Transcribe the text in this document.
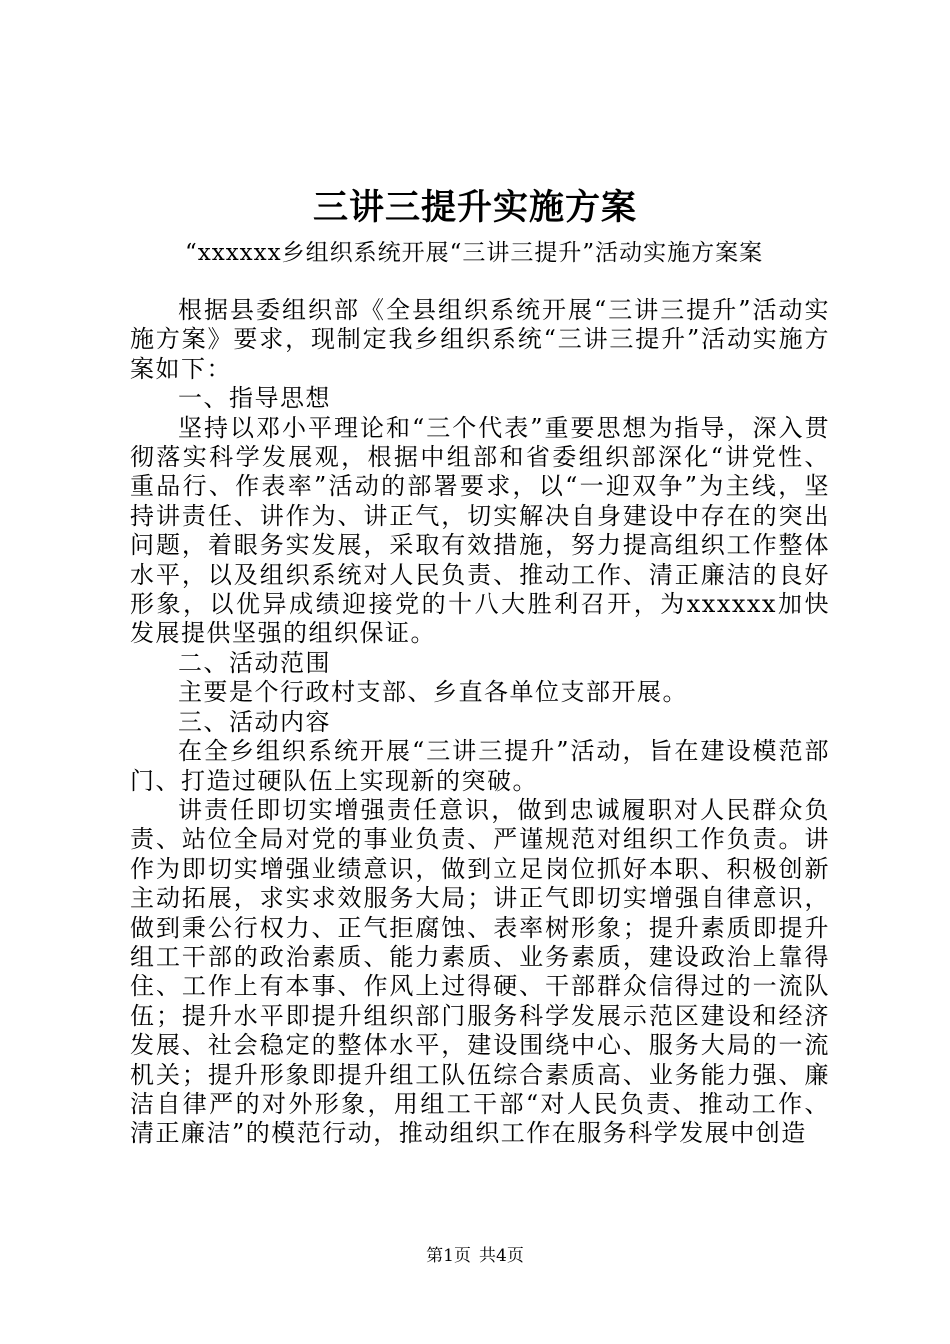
三讲三提升实施方案

“xxxxxx乡组织系统开展“三讲三提升”活动实施方案案

根据县委组织部《全县组织系统开展“三讲三提升”活动实施方案》要求，现制定我乡组织系统“三讲三提升”活动实施方案如下：

一、指导思想

坚持以邓小平理论和“三个代表”重要思想为指导，深入贯彻落实科学发展观，根据中组部和省委组织部深化“讲党性、重品行、作表率”活动的部署要求，以“一迎双争”为主线，坚持讲责任、讲作为、讲正气，切实解决自身建设中存在的突出问题，着眼务实发展，采取有效措施，努力提高组织工作整体水平，以及组织系统对人民负责、推动工作、清正廉洁的良好形象，以优异成绩迎接党的十八大胜利召开，为xxxxxx加快发展提供坚强的组织保证。

二、活动范围

主要是个行政村支部、乡直各单位支部开展。

三、活动内容

在全乡组织系统开展“三讲三提升”活动，旨在建设模范部门、打造过硬队伍上实现新的突破。

讲责任即切实增强责任意识，做到忠诚履职对人民群众负责、站位全局对党的事业负责、严谨规范对组织工作负责。讲作为即切实增强业绩意识，做到立足岗位抓好本职、积极创新主动拓展，求实求效服务大局；讲正气即切实增强自律意识，做到秉公行权力、正气拒腐蚀、表率树形象；提升素质即提升组工干部的政治素质、能力素质、业务素质，建设政治上靠得住、工作上有本事、作风上过得硬、干部群众信得过的一流队伍；提升水平即提升组织部门服务科学发展示范区建设和经济发展、社会稳定的整体水平，建设围绕中心、服务大局的一流机关；提升形象即提升组工队伍综合素质高、业务能力强、廉洁自律严的对外形象，用组工干部“对人民负责、推动工作、清正廉洁”的模范行动，推动组织工作在服务科学发展中创造

第1页 共4页
